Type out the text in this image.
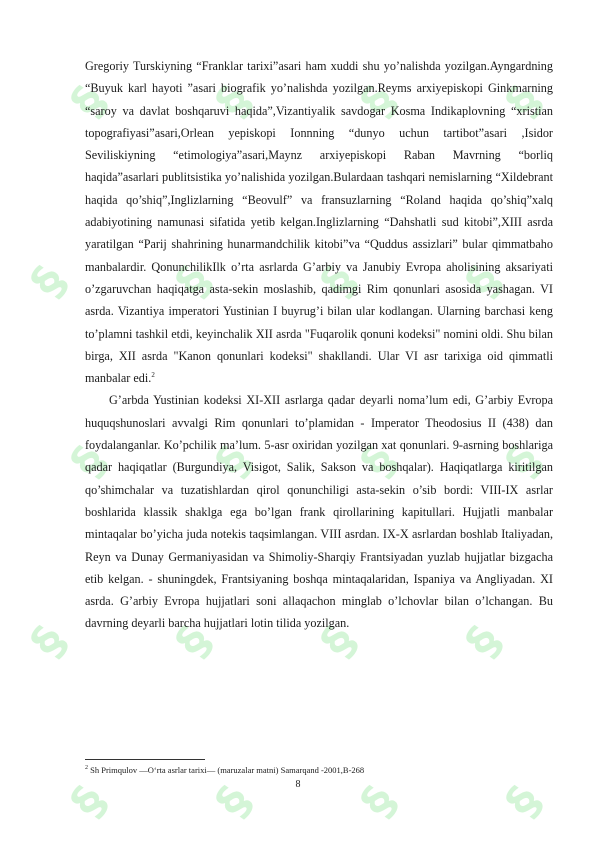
§ § § §
§ § § §
§ § § §
§ § § §
§ § § §

Gregoriy Turskiyning “Franklar tarixi”asari ham xuddi shu yo’nalishda yozilgan.Ayngardning “Buyuk karl hayoti ”asari biografik yo’nalishda yozilgan.Reyms arxiyepiskopi Ginkmarning “saroy va davlat boshqaruvi haqida”,Vizantiyalik savdogar Kosma Indikaplovning “xristian topografiyasi”asari,Orlean yepiskopi Ionnning “dunyo uchun tartibot”asari ,Isidor Seviliskiyning “etimologiya”asari,Maynz arxiyepiskopi Raban Mavrning “borliq haqida”asarlari publitsistika yo’nalishida yozilgan.Bulardaan tashqari nemislarning “Xildebrant haqida qo’shiq”,Inglizlarning “Beovulf” va fransuzlarning “Roland haqida qo’shiq”xalq adabiyotining namunasi sifatida yetib kelgan.Inglizlarning “Dahshatli sud kitobi”,XIII asrda yaratilgan “Parij shahrining hunarmandchilik kitobi”va “Quddus assizlari” bular qimmatbaho manbalardir. QonunchilikIlk o’rta asrlarda G’arbiy va Janubiy Evropa aholisining aksariyati o’zgaruvchan haqiqatga asta-sekin moslashib, qadimgi Rim qonunlari asosida yashagan. VI asrda. Vizantiya imperatori Yustinian I buyrug’i bilan ular kodlangan. Ularning barchasi keng to’plamni tashkil etdi, keyinchalik XII asrda "Fuqarolik qonuni kodeksi" nomini oldi. Shu bilan birga, XII asrda "Kanon qonunlari kodeksi" shakllandi. Ular VI asr tarixiga oid qimmatli manbalar edi.$^2$

G’arbda Yustinian kodeksi XI-XII asrlarga qadar deyarli noma’lum edi, G’arbiy Evropa huquqshunoslari avvalgi Rim qonunlari to’plamidan - Imperator Theodosius II (438) dan foydalanganlar. Ko’pchilik ma’lum. 5-asr oxiridan yozilgan xat qonunlari. 9-asrning boshlariga qadar haqiqatlar (Burgundiya, Visigot, Salik, Sakson va boshqalar). Haqiqatlarga kiritilgan qo’shimchalar va tuzatishlardan qirol qonunchiligi asta-sekin o’sib bordi: VIII-IX asrlar boshlarida klassik shaklga ega bo’lgan frank qirollarining kapitullari. Hujjatli manbalar mintaqalar bo’yicha juda notekis taqsimlangan. VIII asrdan. IX-X asrlardan boshlab Italiyadan, Reyn va Dunay Germaniyasidan va Shimoliy-Sharqiy Frantsiyadan yuzlab hujjatlar bizgacha etib kelgan. - shuningdek, Frantsiyaning boshqa mintaqalaridan, Ispaniya va Angliyadan. XI asrda. G’arbiy Evropa hujjatlari soni allaqachon minglab o’lchovlar bilan o’lchangan. Bu davrning deyarli barcha hujjatlari lotin tilida yozilgan.

$^2$ Sh Primqulov —O‘rta asrlar tarixi— (maruzalar matni) Samarqand -2001,B-268
8
